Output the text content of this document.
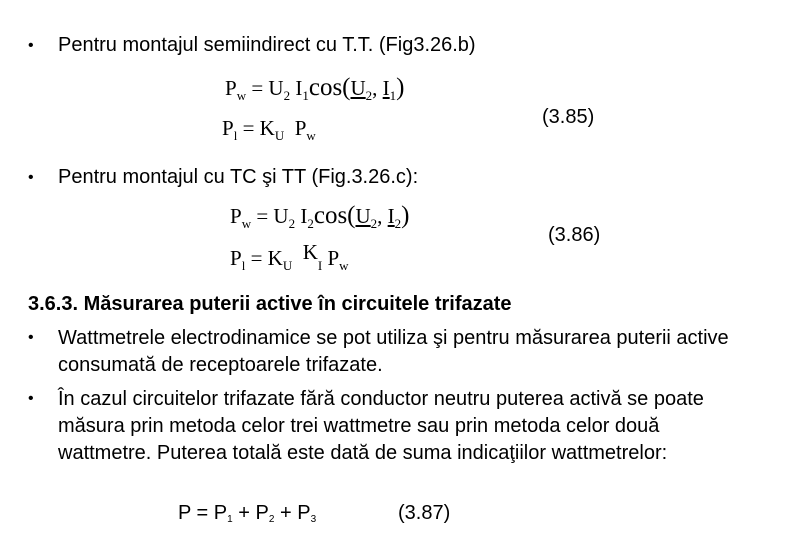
• Pentru montajul semiindirect cu T.T. (Fig3.26.b)
$P_w = U_2$ $I_1\cos(U_2$, $I_1$)
$P_l = K_U$ $P_w$
(3.85)
• Pentru montajul cu TC şi TT (Fig.3.26.c):
$P_w = U_2$ $I_2\cos(U_2$, $I_2$)
$P_l = K_U$  $K_I$ $P_w$
(3.86)
3.6.3. Măsurarea puterii active în circuitele trifazate
• Wattmetrele electrodinamice se pot utiliza şi pentru măsurarea puterii active consumată de receptoarele trifazate.
• În cazul circuitelor trifazate fără conductor neutru puterea activă se poate măsura prin metoda celor trei wattmetre sau prin metoda celor două wattmetre. Puterea totală este dată de suma indicaţiilor wattmetrelor:
$P = P_1 + P_2 + P_3$	(3.87)
